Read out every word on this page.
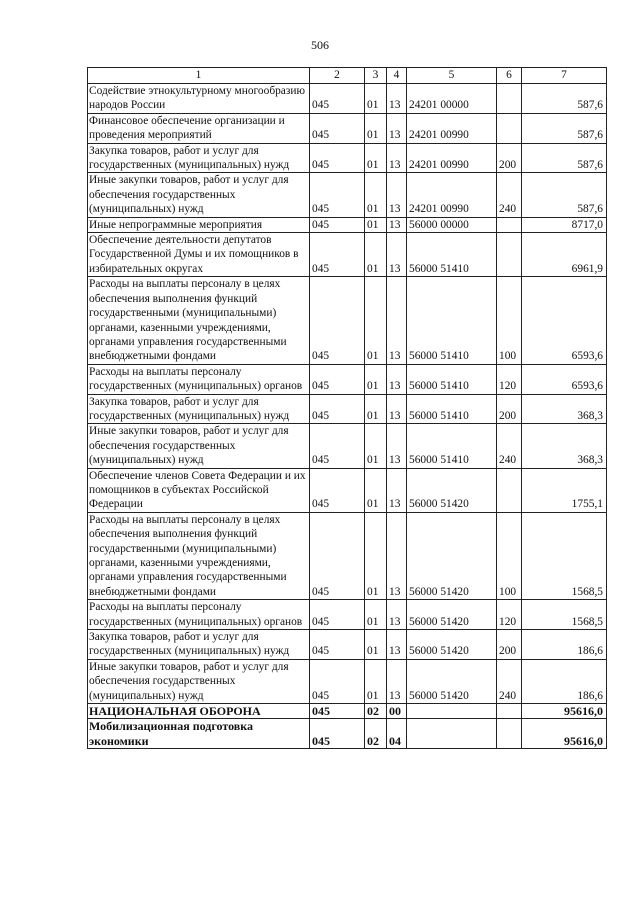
506
1	2	3	4	5	6	7
Содействие этнокультурному многообразию народов России	045	01	13	24201 00000		587,6
Финансовое обеспечение организации и проведения мероприятий	045	01	13	24201 00990		587,6
Закупка товаров, работ и услуг для государственных (муниципальных) нужд	045	01	13	24201 00990	200	587,6
Иные закупки товаров, работ и услуг для обеспечения государственных (муниципальных) нужд	045	01	13	24201 00990	240	587,6
Иные непрограммные мероприятия	045	01	13	56000 00000		8717,0
Обеспечение деятельности депутатов Государственной Думы и их помощников в избирательных округах	045	01	13	56000 51410		6961,9
Расходы на выплаты персоналу в целях обеспечения выполнения функций государственными (муниципальными) органами, казенными учреждениями, органами управления государственными внебюджетными фондами	045	01	13	56000 51410	100	6593,6
Расходы на выплаты персоналу государственных (муниципальных) органов	045	01	13	56000 51410	120	6593,6
Закупка товаров, работ и услуг для государственных (муниципальных) нужд	045	01	13	56000 51410	200	368,3
Иные закупки товаров, работ и услуг для обеспечения государственных (муниципальных) нужд	045	01	13	56000 51410	240	368,3
Обеспечение членов Совета Федерации и их помощников в субъектах Российской Федерации	045	01	13	56000 51420		1755,1
Расходы на выплаты персоналу в целях обеспечения выполнения функций государственными (муниципальными) органами, казенными учреждениями, органами управления государственными внебюджетными фондами	045	01	13	56000 51420	100	1568,5
Расходы на выплаты персоналу государственных (муниципальных) органов	045	01	13	56000 51420	120	1568,5
Закупка товаров, работ и услуг для государственных (муниципальных) нужд	045	01	13	56000 51420	200	186,6
Иные закупки товаров, работ и услуг для обеспечения государственных (муниципальных) нужд	045	01	13	56000 51420	240	186,6
НАЦИОНАЛЬНАЯ ОБОРОНА	045	02	00			95616,0
Мобилизационная подготовка экономики	045	02	04			95616,0
